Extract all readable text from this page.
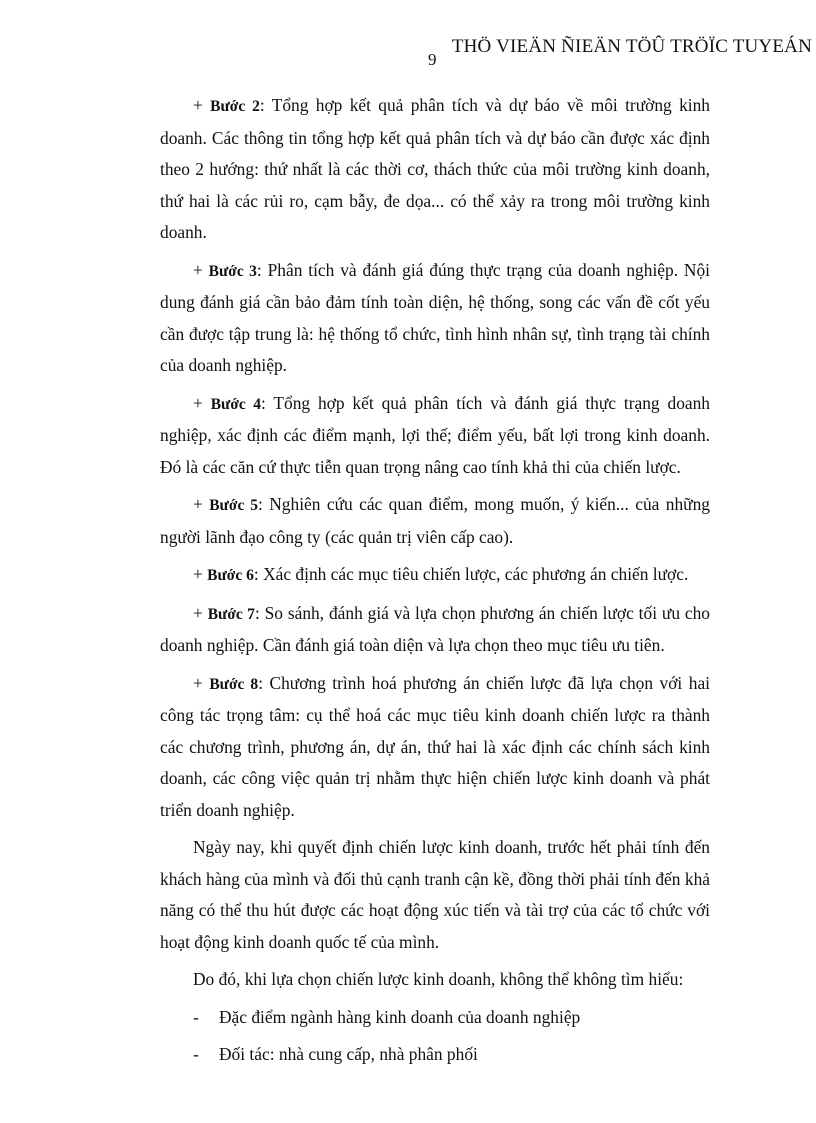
9
THÖ VIEÄN ÑIEÄN TÖÛ TRÖÏC TUYEÁN

+ Bước 2: Tổng hợp kết quả phân tích và dự báo về môi trường kinh doanh. Các thông tin tổng hợp kết quả phân tích và dự báo cần được xác định theo 2 hướng: thứ nhất là các thời cơ, thách thức của môi trường kinh doanh, thứ hai là các rủi ro, cạm bẫy, đe dọa... có thể xảy ra trong môi trường kinh doanh.

+ Bước 3: Phân tích và đánh giá đúng thực trạng của doanh nghiệp. Nội dung đánh giá cần bảo đảm tính toàn diện, hệ thống, song các vấn đề cốt yếu cần được tập trung là: hệ thống tổ chức, tình hình nhân sự, tình trạng tài chính của doanh nghiệp.

+ Bước 4: Tổng hợp kết quả phân tích và đánh giá thực trạng doanh nghiệp, xác định các điểm mạnh, lợi thế; điểm yếu, bất lợi trong kinh doanh. Đó là các căn cứ thực tiễn quan trọng nâng cao tính khả thi của chiến lược.

+ Bước 5: Nghiên cứu các quan điểm, mong muốn, ý kiến... của những người lãnh đạo công ty (các quản trị viên cấp cao).

+ Bước 6: Xác định các mục tiêu chiến lược, các phương án chiến lược.

+ Bước 7: So sánh, đánh giá và lựa chọn phương án chiến lược tối ưu cho doanh nghiệp. Cần đánh giá toàn diện và lựa chọn theo mục tiêu ưu tiên.

+ Bước 8: Chương trình hoá phương án chiến lược đã lựa chọn với hai công tác trọng tâm: cụ thể hoá các mục tiêu kinh doanh chiến lược ra thành các chương trình, phương án, dự án, thứ hai là xác định các chính sách kinh doanh, các công việc quản trị nhằm thực hiện chiến lược kinh doanh và phát triển doanh nghiệp.

Ngày nay, khi quyết định chiến lược kinh doanh, trước hết phải tính đến khách hàng của mình và đối thủ cạnh tranh cận kề, đồng thời phải tính đến khả năng có thể thu hút được các hoạt động xúc tiến và tài trợ của các tổ chức với hoạt động kinh doanh quốc tế của mình.

Do đó, khi lựa chọn chiến lược kinh doanh, không thể không tìm hiểu:

-	Đặc điểm ngành hàng kinh doanh của doanh nghiệp
-	Đối tác: nhà cung cấp, nhà phân phối
